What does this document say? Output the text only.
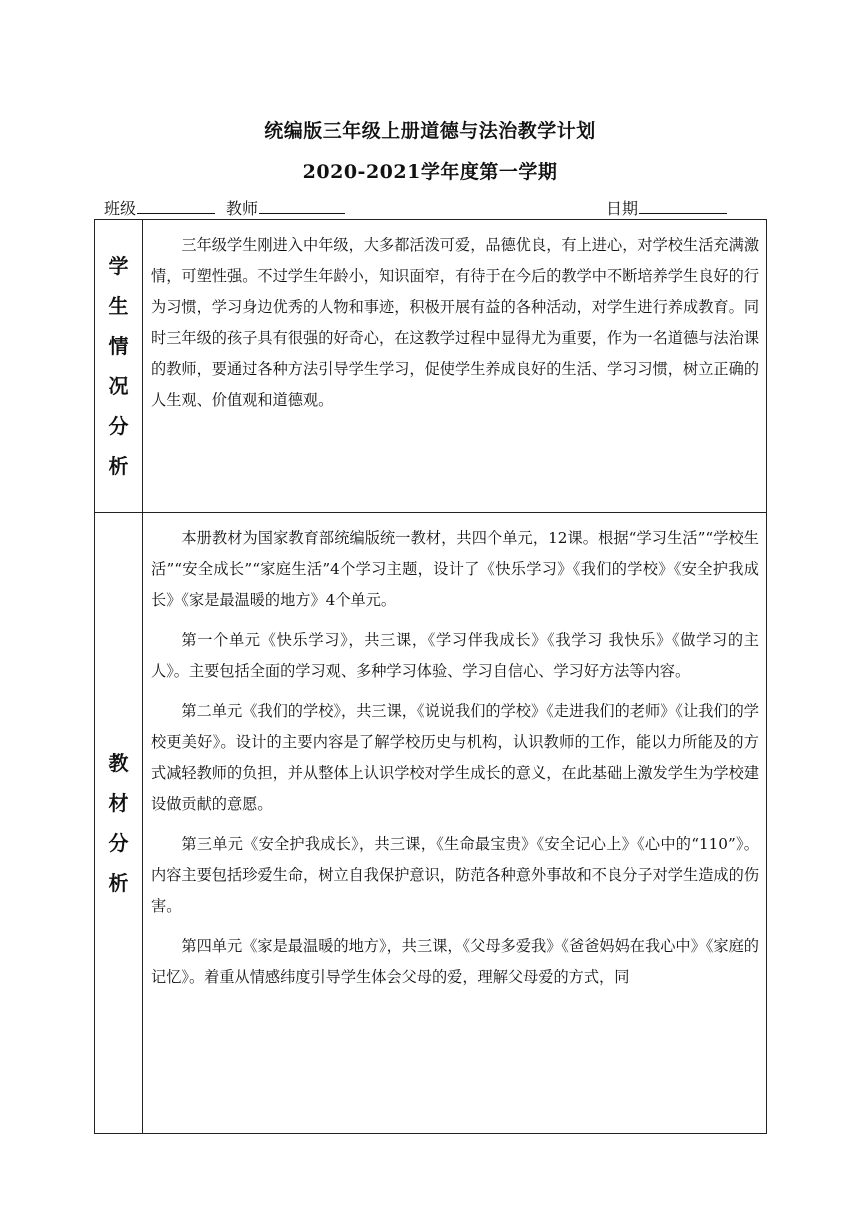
统编版三年级上册道德与法治教学计划
2020-2021学年度第一学期
班级	教师	日期
学生情况分析	三年级学生刚进入中年级，大多都活泼可爱，品德优良，有上进心，对学校生活充满激情，可塑性强。不过学生年龄小，知识面窄，有待于在今后的教学中不断培养学生良好的行为习惯，学习身边优秀的人物和事迹，积极开展有益的各种活动，对学生进行养成教育。同时三年级的孩子具有很强的好奇心，在这教学过程中显得尤为重要，作为一名道德与法治课的教师，要通过各种方法引导学生学习，促使学生养成良好的生活、学习习惯，树立正确的人生观、价值观和道德观。

教材分析	本册教材为国家教育部统编版统一教材，共四个单元，12课。根据“学习生活”“学校生活”“安全成长”“家庭生活”4个学习主题，设计了《快乐学习》《我们的学校》《安全护我成长》《家是最温暖的地方》4个单元。

第一个单元《快乐学习》，共三课，《学习伴我成长》《我学习 我快乐》《做学习的主人》。主要包括全面的学习观、多种学习体验、学习自信心、学习好方法等内容。

第二单元《我们的学校》，共三课，《说说我们的学校》《走进我们的老师》《让我们的学校更美好》。设计的主要内容是了解学校历史与机构，认识教师的工作，能以力所能及的方式减轻教师的负担，并从整体上认识学校对学生成长的意义，在此基础上激发学生为学校建设做贡献的意愿。

第三单元《安全护我成长》，共三课，《生命最宝贵》《安全记心上》《心中的“110”》。内容主要包括珍爱生命，树立自我保护意识，防范各种意外事故和不良分子对学生造成的伤害。

第四单元《家是最温暖的地方》，共三课，《父母多爱我》《爸爸妈妈在我心中》《家庭的记忆》。着重从情感纬度引导学生体会父母的爱，理解父母爱的方式，同
